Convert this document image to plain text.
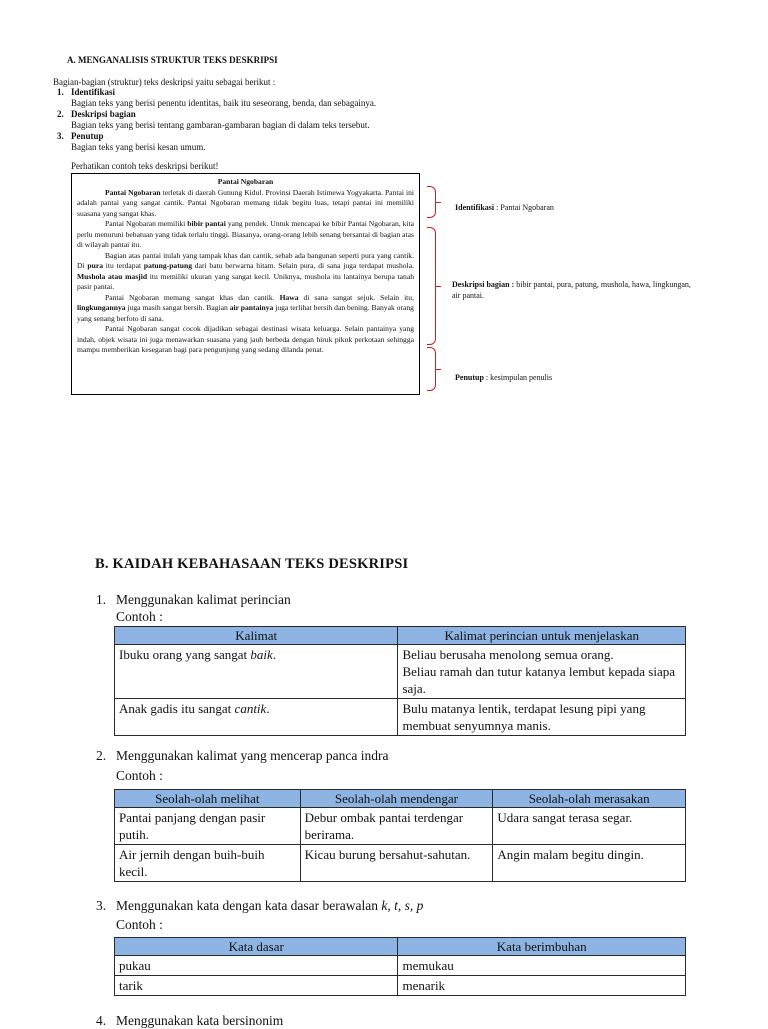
A. MENGANALISIS STRUKTUR TEKS DESKRIPSI
Bagian-bagian (struktur) teks deskripsi yaitu sebagai berikut :
1. Identifikasi
Bagian teks yang berisi penentu identitas, baik itu seseorang, benda, dan sebagainya.
2. Deskripsi bagian
Bagian teks yang berisi tentang gambaran-gambaran bagian di dalam teks tersebut.
3. Penutup
Bagian teks yang berisi kesan umum.
Perhatikan contoh teks deskripsi berikut!
Pantai Ngobaran

Pantai Ngobaran terletak di daerah Gunung Kidul. Provinsi Daerah Istimewa Yogyakarta. Pantai ini adalah pantai yang sangat cantik. Pantai Ngobaran memang tidak begitu luas, tetapi pantai ini memiliki suasana yang sangat khas.

Pantai Ngobaran memiliki bibir pantai yang pendek. Untuk mencapai ke bibir Pantai Ngobaran, kita perlu menuruni bebatuan yang tidak terlalu tinggi. Biasanya, orang-orang lebih senang bersantai di bagian atas di wilayah pantai itu.

Bagian atas pantai itulah yang tampak khas dan cantik, sebab ada bangunan seperti pura yang cantik. Di pura itu terdapat patung-patung dari batu berwarna hitam. Selain pura, di sana juga terdapat mushola. Mushola atau masjid itu memiliki ukuran yang sangat kecil. Uniknya, mushola itu lantainya berupa tanah pasir pantai.

Pantai Ngobaran memang sangat khas dan cantik. Hawa di sana sangat sejuk. Selain itu, lingkungannya juga masih sangat bersih. Bagian air pantainya juga terlihat bersih dan bening. Banyak orang yang senang berfoto di sana.

Pantai Ngobaran sangat cocok dijadikan sebagai destinasi wisata keluarga. Selain pantainya yang indah, objek wisata ini juga menawarkan suasana yang jauh berbeda dengan hiruk pikuk perkotaan sehingga mampu memberikan kesegaran bagi para pengunjung yang sedang dilanda penat.

Identifikasi : Pantai Ngobaran
Deskripsi bagian : bibir pantai, pura, patung, mushola, hawa, lingkungan, air pantai.
Penutup : kesimpulan penulis
B. KAIDAH KEBAHASAAN TEKS DESKRIPSI
1. Menggunakan kalimat perincian
Contoh :
Kalimat	Kalimat perincian untuk menjelaskan
Ibuku orang yang sangat baik.	Beliau berusaha menolong semua orang.
Beliau ramah dan tutur katanya lembut kepada siapa saja.

Anak gadis itu sangat cantik.	Bulu matanya lentik, terdapat lesung pipi yang membuat senyumnya manis.
2. Menggunakan kalimat yang mencerap panca indra
Contoh :
Seolah-olah melihat	Seolah-olah mendengar	Seolah-olah merasakan
Pantai panjang dengan pasir putih.	Debur ombak pantai terdengar berirama.	Udara sangat terasa segar.
Air jernih dengan buih-buih kecil.	Kicau burung bersahut-sahutan.	Angin malam begitu dingin.
3. Menggunakan kata dengan kata dasar berawalan k, t, s, p
Contoh :
Kata dasar	Kata berimbuhan
pukau	memukau
tarik	menarik
4. Menggunakan kata bersinonim
